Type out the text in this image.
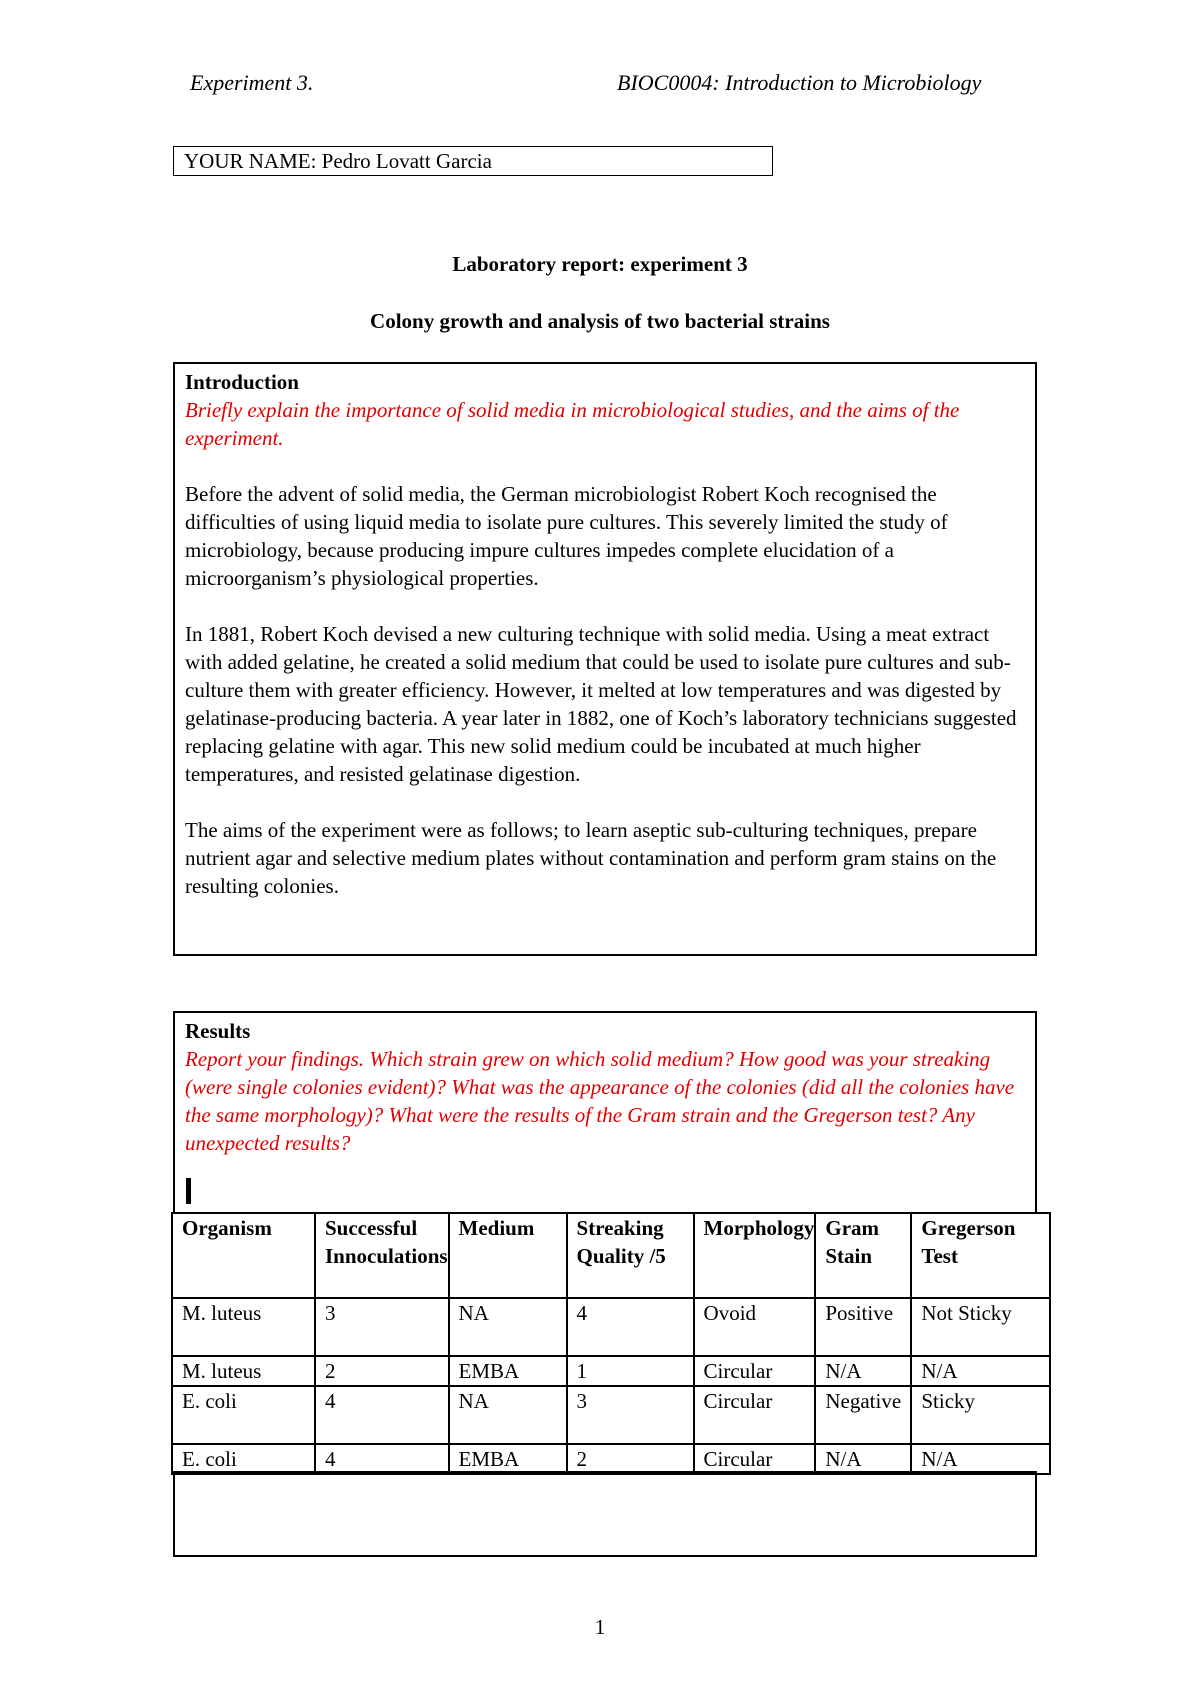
Experiment 3.	BIOC0004: Introduction to Microbiology
YOUR NAME: Pedro Lovatt Garcia
Laboratory report: experiment 3
Colony growth and analysis of two bacterial strains
Introduction
Briefly explain the importance of solid media in microbiological studies, and the aims of the experiment.
Before the advent of solid media, the German microbiologist Robert Koch recognised the difficulties of using liquid media to isolate pure cultures. This severely limited the study of microbiology, because producing impure cultures impedes complete elucidation of a microorganism’s physiological properties.
In 1881, Robert Koch devised a new culturing technique with solid media. Using a meat extract with added gelatine, he created a solid medium that could be used to isolate pure cultures and sub-culture them with greater efficiency. However, it melted at low temperatures and was digested by gelatinase-producing bacteria. A year later in 1882, one of Koch’s laboratory technicians suggested replacing gelatine with agar. This new solid medium could be incubated at much higher temperatures, and resisted gelatinase digestion.
The aims of the experiment were as follows; to learn aseptic sub-culturing techniques, prepare nutrient agar and selective medium plates without contamination and perform gram stains on the resulting colonies.
Results
Report your findings. Which strain grew on which solid medium? How good was your streaking (were single colonies evident)? What was the appearance of the colonies (did all the colonies have the same morphology)? What were the results of the Gram strain and the Gregerson test? Any unexpected results?
Organism	Successful Innoculations	Medium	Streaking Quality /5	Morphology	Gram Stain	Gregerson Test
M. luteus	3	NA	4	Ovoid	Positive	Not Sticky
M. luteus	2	EMBA	1	Circular	N/A	N/A
E. coli	4	NA	3	Circular	Negative	Sticky
E. coli	4	EMBA	2	Circular	N/A	N/A
1
